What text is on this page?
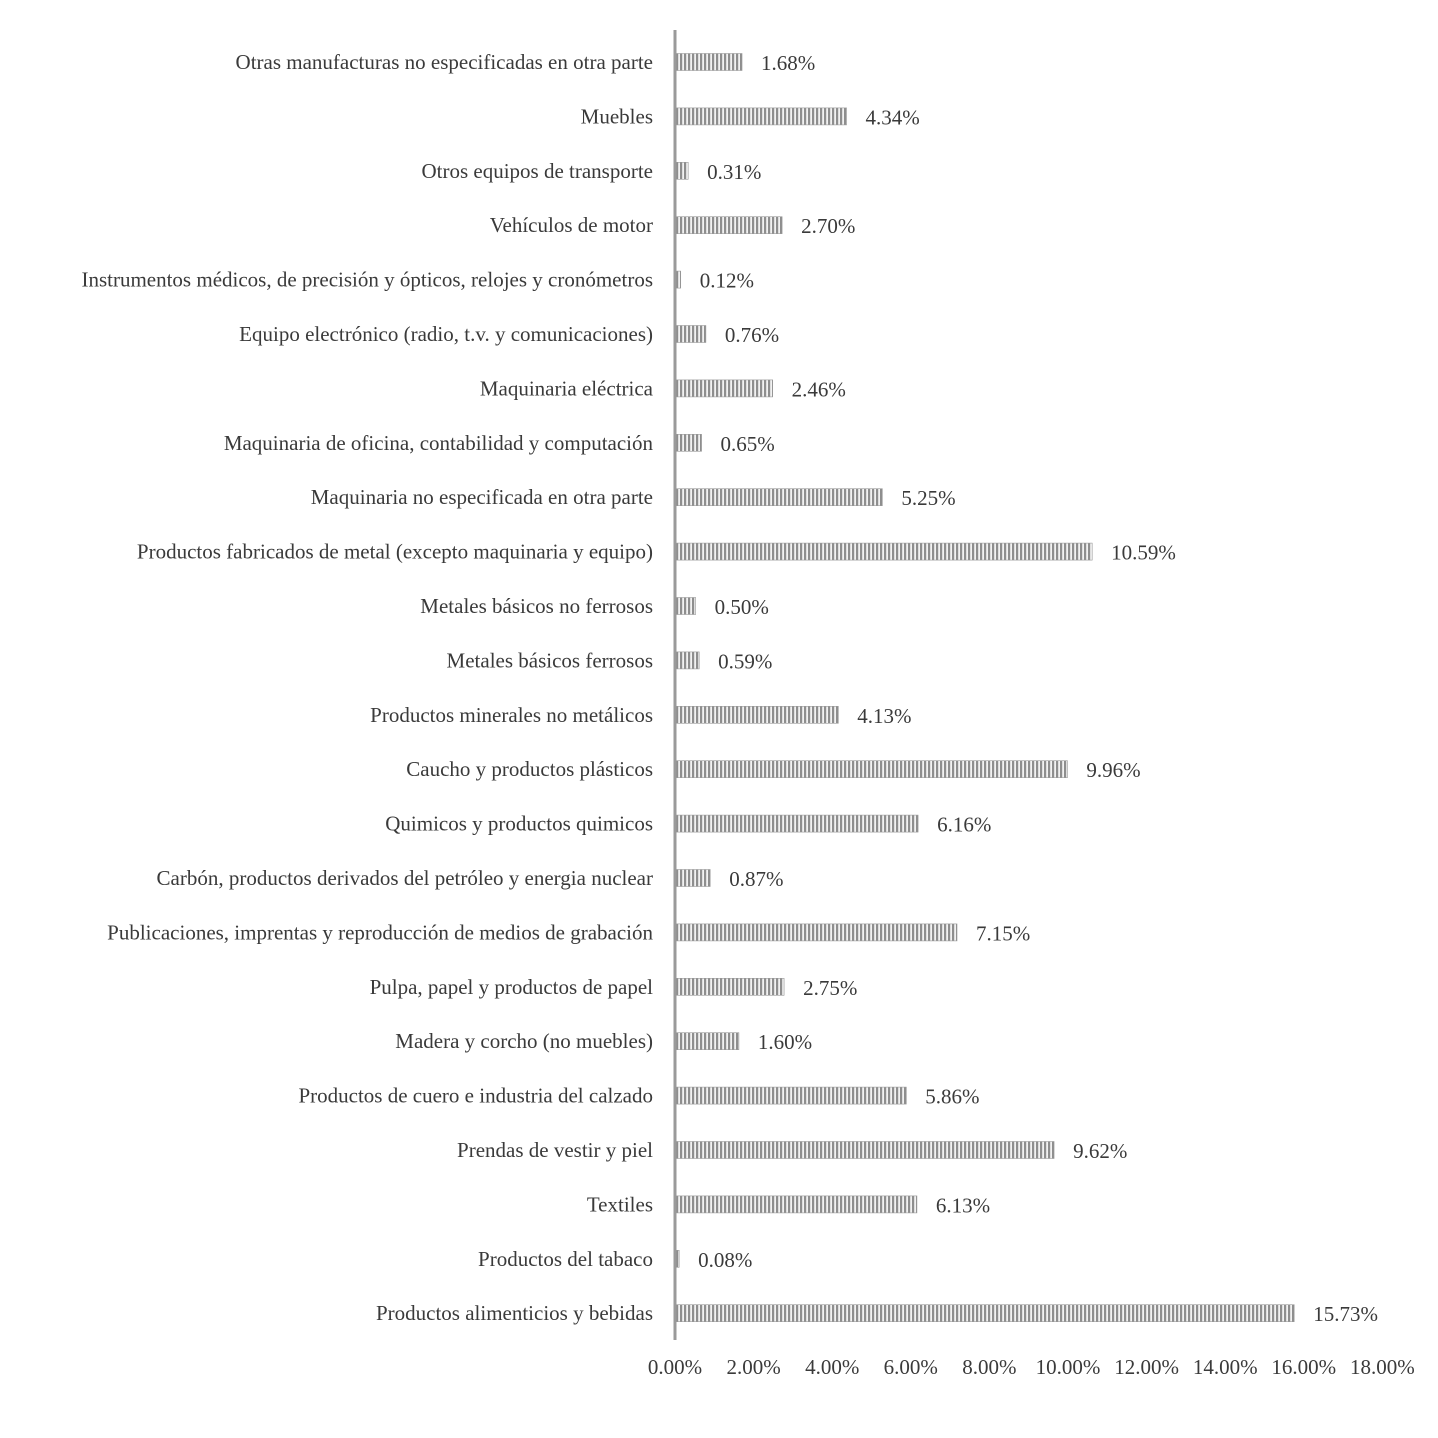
Otras manufacturas no especificadas en otra parte
Muebles
Otros equipos de transporte
Vehículos de motor
Instrumentos médicos, de precisión y ópticos, relojes y cronómetros
Equipo electrónico (radio, t.v. y comunicaciones)
Maquinaria eléctrica
Maquinaria de oficina, contabilidad y computación
Maquinaria no especificada en otra parte
Productos fabricados de metal (excepto maquinaria y equipo)
Metales básicos no ferrosos
Metales básicos ferrosos
Productos minerales no metálicos
Caucho y productos plásticos
Quimicos y productos quimicos
Carbón, productos derivados del petróleo y energia nuclear
Publicaciones, imprentas y reproducción de medios de grabación
Pulpa, papel y productos de papel
Madera y corcho (no muebles)
Productos de cuero e industria del calzado
Prendas de vestir y piel
Textiles
Productos del tabaco
Productos alimenticios y bebidas
1.68%
4.34%
0.31%
2.70%
0.12%
0.76%
2.46%
0.65%
5.25%
10.59%
0.50%
0.59%
4.13%
9.96%
6.16%
0.87%
7.15%
2.75%
1.60%
5.86%
9.62%
6.13%
0.08%
15.73%
0.00% 2.00% 4.00% 6.00% 8.00% 10.00% 12.00% 14.00% 16.00% 18.00%
